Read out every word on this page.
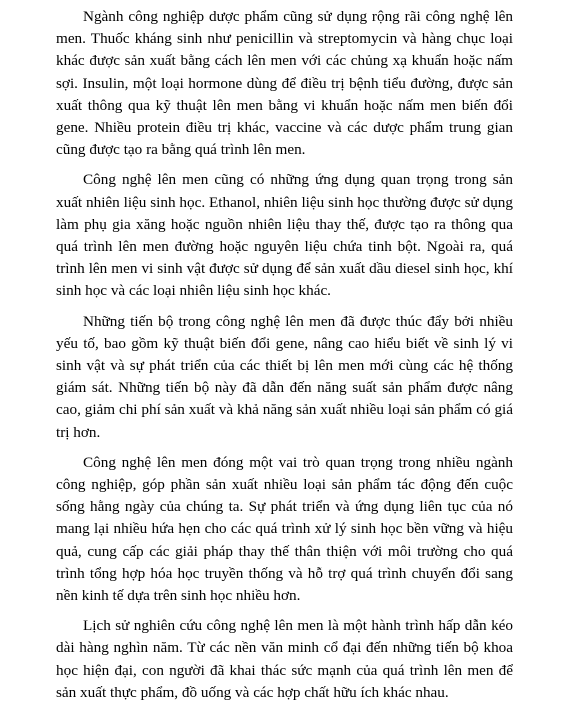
Ngành công nghiệp dược phẩm cũng sử dụng rộng rãi công nghệ lên men. Thuốc kháng sinh như penicillin và streptomycin và hàng chục loại khác được sản xuất bằng cách lên men với các chủng xạ khuẩn hoặc nấm sợi. Insulin, một loại hormone dùng để điều trị bệnh tiểu đường, được sản xuất thông qua kỹ thuật lên men bằng vi khuẩn hoặc nấm men biến đổi gene. Nhiều protein điều trị khác, vaccine và các dược phẩm trung gian cũng được tạo ra bằng quá trình lên men.

Công nghệ lên men cũng có những ứng dụng quan trọng trong sản xuất nhiên liệu sinh học. Ethanol, nhiên liệu sinh học thường được sử dụng làm phụ gia xăng hoặc nguồn nhiên liệu thay thế, được tạo ra thông qua quá trình lên men đường hoặc nguyên liệu chứa tinh bột. Ngoài ra, quá trình lên men vi sinh vật được sử dụng để sản xuất dầu diesel sinh học, khí sinh học và các loại nhiên liệu sinh học khác.

Những tiến bộ trong công nghệ lên men đã được thúc đẩy bởi nhiều yếu tố, bao gồm kỹ thuật biến đổi gene, nâng cao hiểu biết về sinh lý vi sinh vật và sự phát triển của các thiết bị lên men mới cùng các hệ thống giám sát. Những tiến bộ này đã dẫn đến năng suất sản phẩm được nâng cao, giảm chi phí sản xuất và khả năng sản xuất nhiều loại sản phẩm có giá trị hơn.

Công nghệ lên men đóng một vai trò quan trọng trong nhiều ngành công nghiệp, góp phần sản xuất nhiều loại sản phẩm tác động đến cuộc sống hằng ngày của chúng ta. Sự phát triển và ứng dụng liên tục của nó mang lại nhiều hứa hẹn cho các quá trình xử lý sinh học bền vững và hiệu quả, cung cấp các giải pháp thay thế thân thiện với môi trường cho quá trình tổng hợp hóa học truyền thống và hỗ trợ quá trình chuyển đổi sang nền kinh tế dựa trên sinh học nhiều hơn.

Lịch sử nghiên cứu công nghệ lên men là một hành trình hấp dẫn kéo dài hàng nghìn năm. Từ các nền văn minh cổ đại đến những tiến bộ khoa học hiện đại, con người đã khai thác sức mạnh của quá trình lên men để sản xuất thực phẩm, đồ uống và các hợp chất hữu ích khác nhau.
